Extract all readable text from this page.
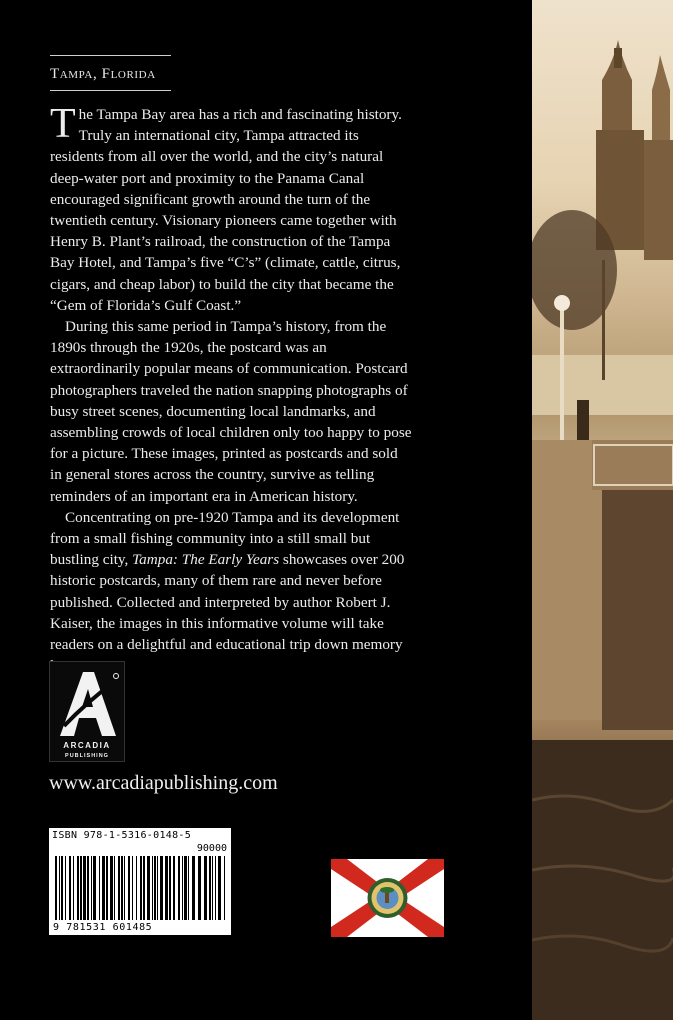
Tampa, Florida

The Tampa Bay area has a rich and fascinating history. Truly an international city, Tampa attracted its residents from all over the world, and the city’s natural deep-water port and proximity to the Panama Canal encouraged significant growth around the turn of the twentieth century. Visionary pioneers came together with Henry B. Plant’s railroad, the construction of the Tampa Bay Hotel, and Tampa’s five “C’s” (climate, cattle, citrus, cigars, and cheap labor) to build the city that became the “Gem of Florida’s Gulf Coast.”

During this same period in Tampa’s history, from the 1890s through the 1920s, the postcard was an extraordinarily popular means of communication. Postcard photographers traveled the nation snapping photographs of busy street scenes, documenting local landmarks, and assembling crowds of local children only too happy to pose for a picture. These images, printed as postcards and sold in general stores across the country, survive as telling reminders of an important era in American history.

Concentrating on pre-1920 Tampa and its development from a small fishing community into a still small but bustling city, Tampa: The Early Years showcases over 200 historic postcards, many of them rare and never before published. Collected and interpreted by author Robert J. Kaiser, the images in this informative volume will take readers on a delightful and educational trip down memory

ARCADIA
PUBLISHING
www.arcadiapublishing.com
ISBN 978-1-5316-0148-5
90000
9 781531 601485
